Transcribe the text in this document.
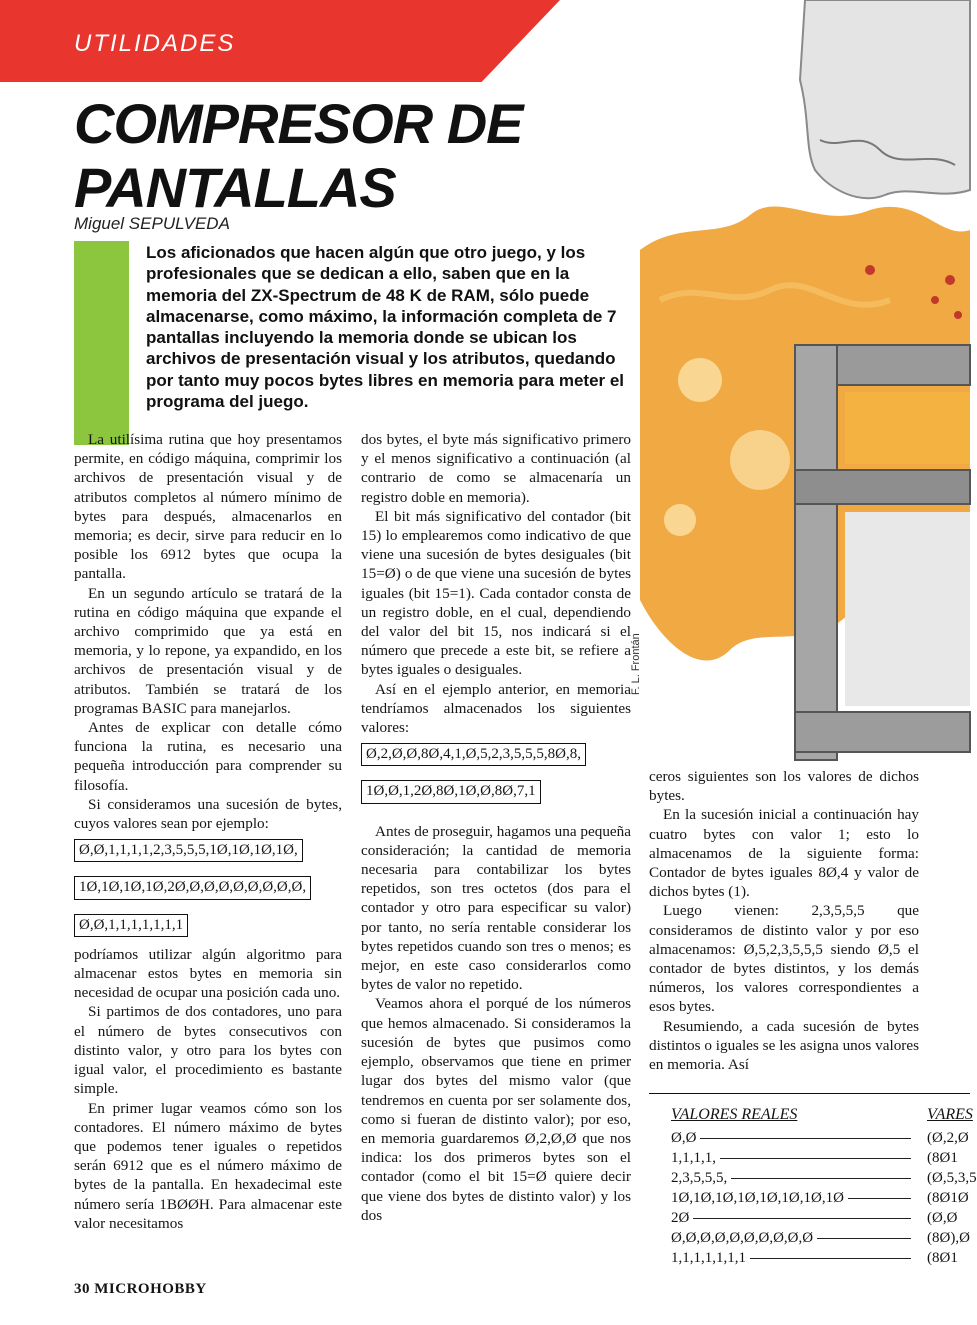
UTILIDADES
COMPRESOR DE
PANTALLAS
Miguel SEPULVEDA

Los aficionados que hacen algún que otro juego, y los profesionales que se dedican a ello, saben que en la memoria del ZX-Spectrum de 48 K de RAM, sólo puede almacenarse, como máximo, la información completa de 7 pantallas incluyendo la memoria donde se ubican los archivos de presentación visual y los atributos, quedando por tanto muy pocos bytes libres en memoria para meter el programa del juego.

F. L. Frontán

La utilísima rutina que hoy presentamos permite, en código máquina, comprimir los archivos de presentación visual y de atributos completos al número mínimo de bytes para después, almacenarlos en memoria; es decir, sirve para reducir en lo posible los 6912 bytes que ocupa la pantalla.

En un segundo artículo se tratará de la rutina en código máquina que expande el archivo comprimido que ya está en memoria, y lo repone, ya expandido, en los archivos de presentación visual y de atributos. También se tratará de los programas BASIC para manejarlos.

Antes de explicar con detalle cómo funciona la rutina, es necesario una pequeña introducción para comprender su filosofía.

Si consideramos una sucesión de bytes, cuyos valores sean por ejemplo:

Ø,Ø,1,1,1,1,2,3,5,5,5,1Ø,1Ø,1Ø,1Ø,

1Ø,1Ø,1Ø,1Ø,2Ø,Ø,Ø,Ø,Ø,Ø,Ø,Ø,Ø,

Ø,Ø,1,1,1,1,1,1,1

podríamos utilizar algún algoritmo para almacenar estos bytes en memoria sin necesidad de ocupar una posición cada uno.

Si partimos de dos contadores, uno para el número de bytes consecutivos con distinto valor, y otro para los bytes con igual valor, el procedimiento es bastante simple.

En primer lugar veamos cómo son los contadores. El número máximo de bytes que podemos tener iguales o repetidos serán 6912 que es el número máximo de bytes de la pantalla. En hexadecimal este número sería 1BØØH. Para almacenar este valor necesitamos

dos bytes, el byte más significativo primero y el menos significativo a continuación (al contrario de como se almacenaría un registro doble en memoria).

El bit más significativo del contador (bit 15) lo emplearemos como indicativo de que viene una sucesión de bytes desiguales (bit 15=Ø) o de que viene una sucesión de bytes iguales (bit 15=1). Cada contador consta de un registro doble, en el cual, dependiendo del valor del bit 15, nos indicará si el número que precede a este bit, se refiere a bytes iguales o desiguales.

Así en el ejemplo anterior, en memoria tendríamos almacenados los siguientes valores:

Ø,2,Ø,Ø,8Ø,4,1,Ø,5,2,3,5,5,5,8Ø,8,

1Ø,Ø,1,2Ø,8Ø,1Ø,Ø,8Ø,7,1

Antes de proseguir, hagamos una pequeña consideración; la cantidad de memoria necesaria para contabilizar los bytes repetidos, son tres octetos (dos para el contador y otro para especificar su valor) por tanto, no sería rentable considerar los bytes repetidos cuando son tres o menos; es mejor, en este caso considerarlos como bytes de valor no repetido.

Veamos ahora el porqué de los números que hemos almacenado. Si consideramos la sucesión de bytes que pusimos como ejemplo, observamos que tiene en primer lugar dos bytes del mismo valor (que tendremos en cuenta por ser solamente dos, como si fueran de distinto valor); por eso, en memoria guardaremos Ø,2,Ø,Ø que nos indica: los dos primeros bytes son el contador (como el bit 15=Ø quiere decir que viene dos bytes de distinto valor) y los dos

ceros siguientes son los valores de dichos bytes.

En la sucesión inicial a continuación hay cuatro bytes con valor 1; esto lo almacenamos de la siguiente forma: Contador de bytes iguales 8Ø,4 y valor de dichos bytes (1).

Luego vienen: 2,3,5,5,5 que consideramos de distinto valor y por eso almacenamos: Ø,5,2,3,5,5,5 siendo Ø,5 el contador de bytes distintos, y los demás números, los valores correspondientes a esos bytes.

Resumiendo, a cada sucesión de bytes distintos o iguales se les asigna unos valores en memoria. Así

VALORES REALES	VARES
Ø,Ø	(Ø,2,Ø
1,1,1,1,	(8Ø1
2,3,5,5,5,	(Ø,5,3,5
1Ø,1Ø,1Ø,1Ø,1Ø,1Ø,1Ø,1Ø	(8Ø1Ø
2Ø	(Ø,Ø
Ø,Ø,Ø,Ø,Ø,Ø,Ø,Ø,Ø,Ø	(8Ø),Ø
1,1,1,1,1,1,1	(8Ø1
30 MICROHOBBY
